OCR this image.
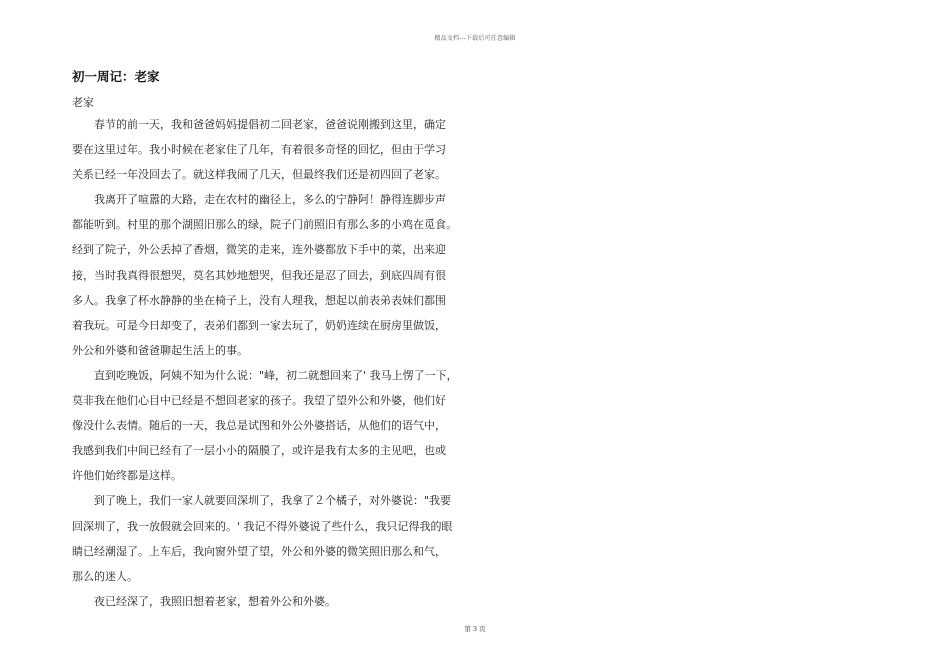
精品文档---下载后可任意编辑
初一周记：老家
老家
春节的前一天，我和爸爸妈妈提倡初二回老家，爸爸说刚搬到这里，确定
要在这里过年。我小时候在老家住了几年，有着很多奇怪的回忆，但由于学习
关系已经一年没回去了。就这样我闹了几天，但最终我们还是初四回了老家。
我离开了喧嚣的大路，走在农村的幽径上，多么的宁静阿！静得连脚步声
都能听到。村里的那个湖照旧那么的绿，院子门前照旧有那么多的小鸡在觅食。
经到了院子，外公丢掉了香烟，微笑的走来，连外婆都放下手中的菜，出来迎
接，当时我真得很想哭，莫名其妙地想哭，但我还是忍了回去，到底四周有很
多人。我拿了杯水静静的坐在椅子上，没有人理我，想起以前表弟表妹们都围
着我玩。可是今日却变了，表弟们都到一家去玩了，奶奶连续在厨房里做饭，
外公和外婆和爸爸聊起生活上的事。
直到吃晚饭，阿姨不知为什么说："峰，初二就想回来了' 我马上愣了一下，
莫非我在他们心目中已经是不想回老家的孩子。我望了望外公和外婆，他们好
像没什么表情。随后的一天，我总是试图和外公外婆搭话，从他们的语气中，
我感到我们中间已经有了一层小小的隔膜了，或许是我有太多的主见吧，也或
许他们始终都是这样。
到了晚上，我们一家人就要回深圳了，我拿了２个橘子，对外婆说："我要
回深圳了，我一放假就会回来的。' 我记不得外婆说了些什么，我只记得我的眼
睛已经潮湿了。上车后，我向窗外望了望，外公和外婆的微笑照旧那么和气，
那么的迷人。
夜已经深了，我照旧想着老家，想着外公和外婆。
第 3 页
